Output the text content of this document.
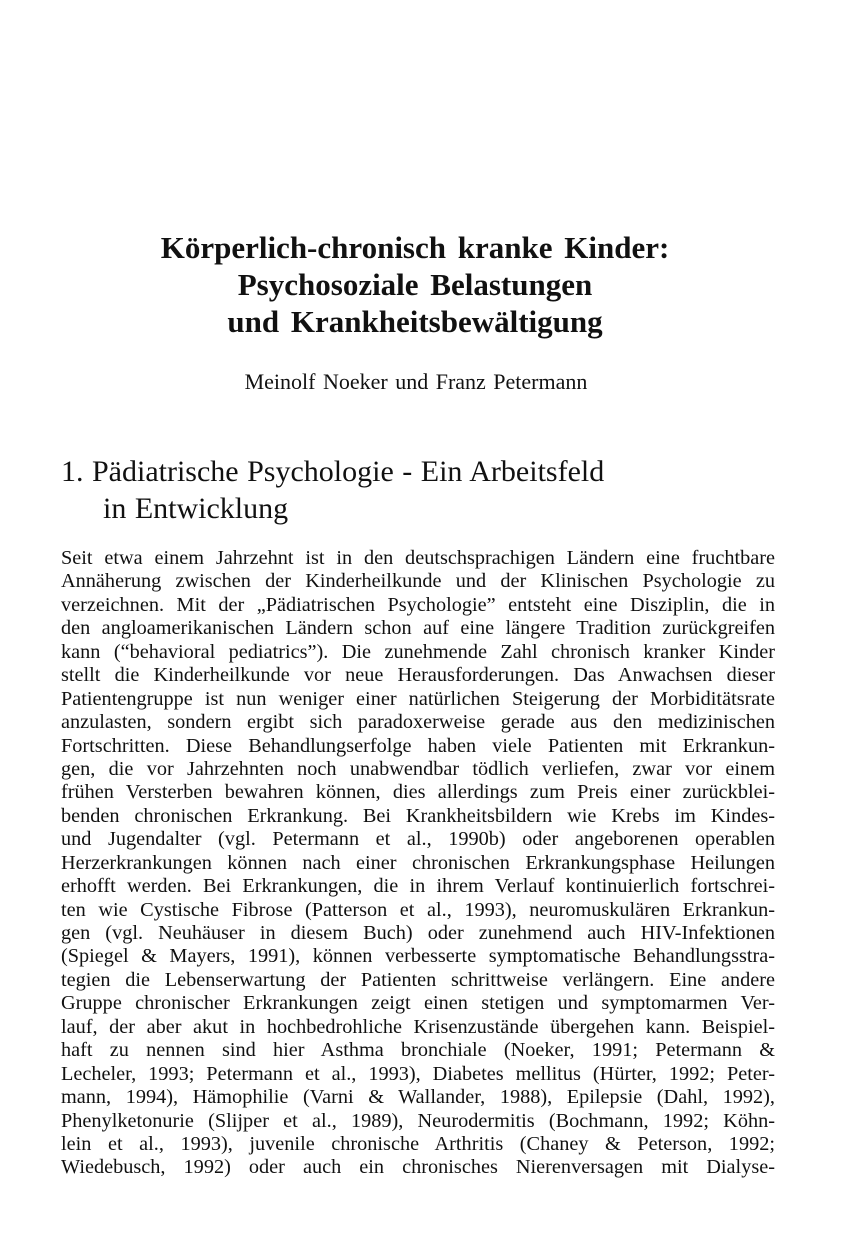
Körperlich-chronisch kranke Kinder:
Psychosoziale Belastungen
und Krankheitsbewältigung
Meinolf Noeker und Franz Petermann
1. Pädiatrische Psychologie - Ein Arbeitsfeld
in Entwicklung
Seit etwa einem Jahrzehnt ist in den deutschsprachigen Ländern eine fruchtbare
Annäherung zwischen der Kinderheilkunde und der Klinischen Psychologie zu
verzeichnen. Mit der „Pädiatrischen Psychologie” entsteht eine Disziplin, die in
den angloamerikanischen Ländern schon auf eine längere Tradition zurückgreifen
kann (“behavioral pediatrics”). Die zunehmende Zahl chronisch kranker Kinder
stellt die Kinderheilkunde vor neue Herausforderungen. Das Anwachsen dieser
Patientengruppe ist nun weniger einer natürlichen Steigerung der Morbiditätsrate
anzulasten, sondern ergibt sich paradoxerweise gerade aus den medizinischen
Fortschritten. Diese Behandlungserfolge haben viele Patienten mit Erkrankun-
gen, die vor Jahrzehnten noch unabwendbar tödlich verliefen, zwar vor einem
frühen Versterben bewahren können, dies allerdings zum Preis einer zurückblei-
benden chronischen Erkrankung. Bei Krankheitsbildern wie Krebs im Kindes-
und Jugendalter (vgl. Petermann et al., 1990b) oder angeborenen operablen
Herzerkrankungen können nach einer chronischen Erkrankungsphase Heilungen
erhofft werden. Bei Erkrankungen, die in ihrem Verlauf kontinuierlich fortschrei-
ten wie Cystische Fibrose (Patterson et al., 1993), neuromuskulären Erkrankun-
gen (vgl. Neuhäuser in diesem Buch) oder zunehmend auch HIV-Infektionen
(Spiegel & Mayers, 1991), können verbesserte symptomatische Behandlungsstra-
tegien die Lebenserwartung der Patienten schrittweise verlängern. Eine andere
Gruppe chronischer Erkrankungen zeigt einen stetigen und symptomarmen Ver-
lauf, der aber akut in hochbedrohliche Krisenzustände übergehen kann. Beispiel-
haft zu nennen sind hier Asthma bronchiale (Noeker, 1991; Petermann &
Lecheler, 1993; Petermann et al., 1993), Diabetes mellitus (Hürter, 1992; Peter-
mann, 1994), Hämophilie (Varni & Wallander, 1988), Epilepsie (Dahl, 1992),
Phenylketonurie (Slijper et al., 1989), Neurodermitis (Bochmann, 1992; Köhn-
lein et al., 1993), juvenile chronische Arthritis (Chaney & Peterson, 1992;
Wiedebusch, 1992) oder auch ein chronisches Nierenversagen mit Dialyse-
